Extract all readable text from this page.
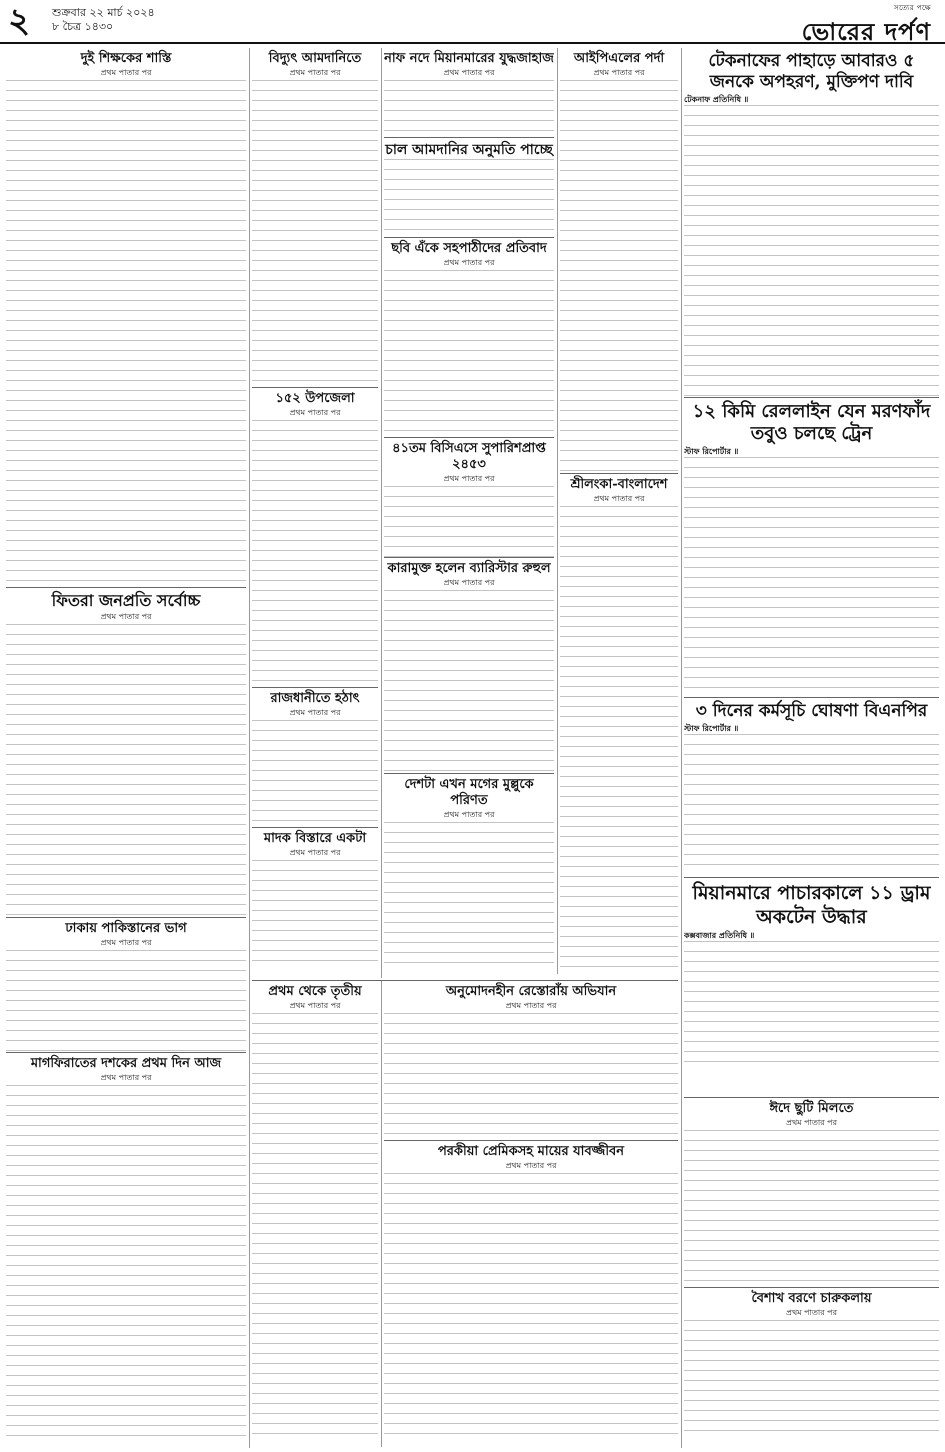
২ শুক্রবার ২২ মার্চ ২০২৪
৮ চৈত্র ১৪৩০
সত্যের পক্ষে
ভোরের দর্পণ
দুই শিক্ষকের শাস্তি
প্রথম পাতার পর
ফিতরা জনপ্রতি সর্বোচ্চ
প্রথম পাতার পর
ঢাকায় পাকিস্তানের ভাগ
প্রথম পাতার পর
মাগফিরাতের দশকের প্রথম দিন আজ
প্রথম পাতার পর
বিদ্যুৎ আমদানিতে
প্রথম পাতার পর
১৫২ উপজেলা
প্রথম পাতার পর
রাজধানীতে হঠাৎ
প্রথম পাতার পর
মাদক বিস্তারে একটা
প্রথম পাতার পর
প্রথম থেকে তৃতীয়
প্রথম পাতার পর
অনুমোদনহীন রেস্তোরাঁয় অভিযান
প্রথম পাতার পর
পরকীয়া প্রেমিকসহ মায়ের যাবজ্জীবন
প্রথম পাতার পর
নাফ নদে মিয়ানমারের যুদ্ধজাহাজ
প্রথম পাতার পর
চাল আমদানির অনুমতি পাচ্ছে
ছবি এঁকে সহপাঠীদের প্রতিবাদ
প্রথম পাতার পর
৪১তম বিসিএসে সুপারিশপ্রাপ্ত ২৪৫৩
প্রথম পাতার পর
কারামুক্ত হলেন ব্যারিস্টার রুহুল
প্রথম পাতার পর
দেশটা এখন মগের মুল্লুকে পরিণত
প্রথম পাতার পর
আইপিএলের পর্দা
প্রথম পাতার পর
শ্রীলংকা-বাংলাদেশ
প্রথম পাতার পর
টেকনাফের পাহাড়ে আবারও ৫ জনকে অপহরণ, মুক্তিপণ দাবি
টেকনাফ প্রতিনিধি ॥
১২ কিমি রেললাইন যেন মরণফাঁদ তবুও চলছে ট্রেন
স্টাফ রিপোর্টার ॥
৩ দিনের কর্মসূচি ঘোষণা বিএনপির
স্টাফ রিপোর্টার ॥
মিয়ানমারে পাচারকালে ১১ ড্রাম অকটেন উদ্ধার
কক্সবাজার প্রতিনিধি ॥
ঈদে ছুটি মিলতে
প্রথম পাতার পর
বৈশাখ বরণে চারুকলায়
প্রথম পাতার পর
